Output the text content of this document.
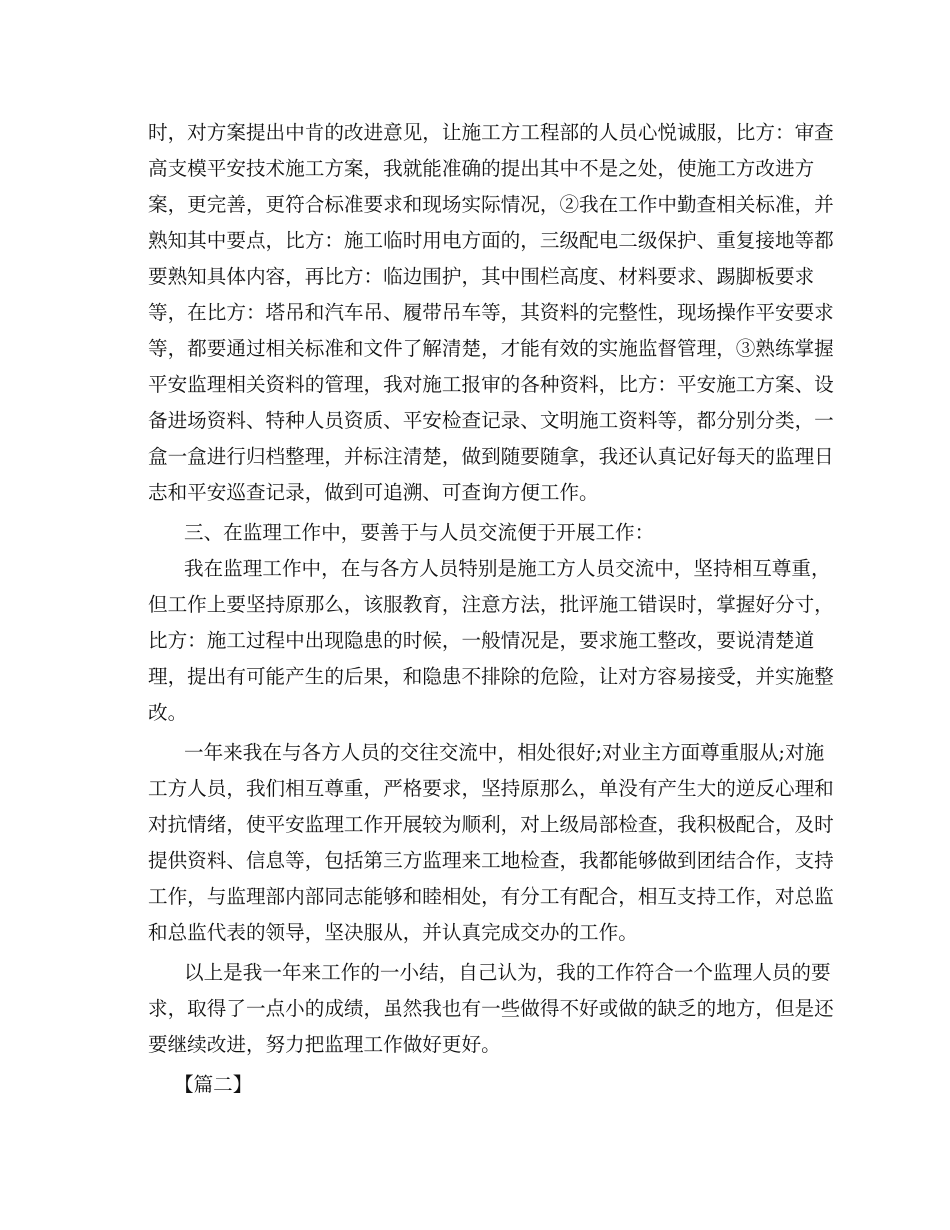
时，对方案提出中肯的改进意见，让施工方工程部的人员心悦诚服，比方：审查
高支模平安技术施工方案，我就能准确的提出其中不是之处，使施工方改进方
案，更完善，更符合标准要求和现场实际情况，②我在工作中勤查相关标准，并
熟知其中要点，比方：施工临时用电方面的，三级配电二级保护、重复接地等都
要熟知具体内容，再比方：临边围护，其中围栏高度、材料要求、踢脚板要求
等，在比方：塔吊和汽车吊、履带吊车等，其资料的完整性，现场操作平安要求
等，都要通过相关标准和文件了解清楚，才能有效的实施监督管理，③熟练掌握
平安监理相关资料的管理，我对施工报审的各种资料，比方：平安施工方案、设
备进场资料、特种人员资质、平安检查记录、文明施工资料等，都分别分类，一
盒一盒进行归档整理，并标注清楚，做到随要随拿，我还认真记好每天的监理日
志和平安巡查记录，做到可追溯、可查询方便工作。
三、在监理工作中，要善于与人员交流便于开展工作：
我在监理工作中，在与各方人员特别是施工方人员交流中，坚持相互尊重，
但工作上要坚持原那么，该服教育，注意方法，批评施工错误时，掌握好分寸，
比方：施工过程中出现隐患的时候，一般情况是，要求施工整改，要说清楚道
理，提出有可能产生的后果，和隐患不排除的危险，让对方容易接受，并实施整
改。
一年来我在与各方人员的交往交流中，相处很好;对业主方面尊重服从;对施
工方人员，我们相互尊重，严格要求，坚持原那么，单没有产生大的逆反心理和
对抗情绪，使平安监理工作开展较为顺利，对上级局部检查，我积极配合，及时
提供资料、信息等，包括第三方监理来工地检查，我都能够做到团结合作，支持
工作，与监理部内部同志能够和睦相处，有分工有配合，相互支持工作，对总监
和总监代表的领导，坚决服从，并认真完成交办的工作。
以上是我一年来工作的一小结，自己认为，我的工作符合一个监理人员的要
求，取得了一点小的成绩，虽然我也有一些做得不好或做的缺乏的地方，但是还
要继续改进，努力把监理工作做好更好。
【篇二】
